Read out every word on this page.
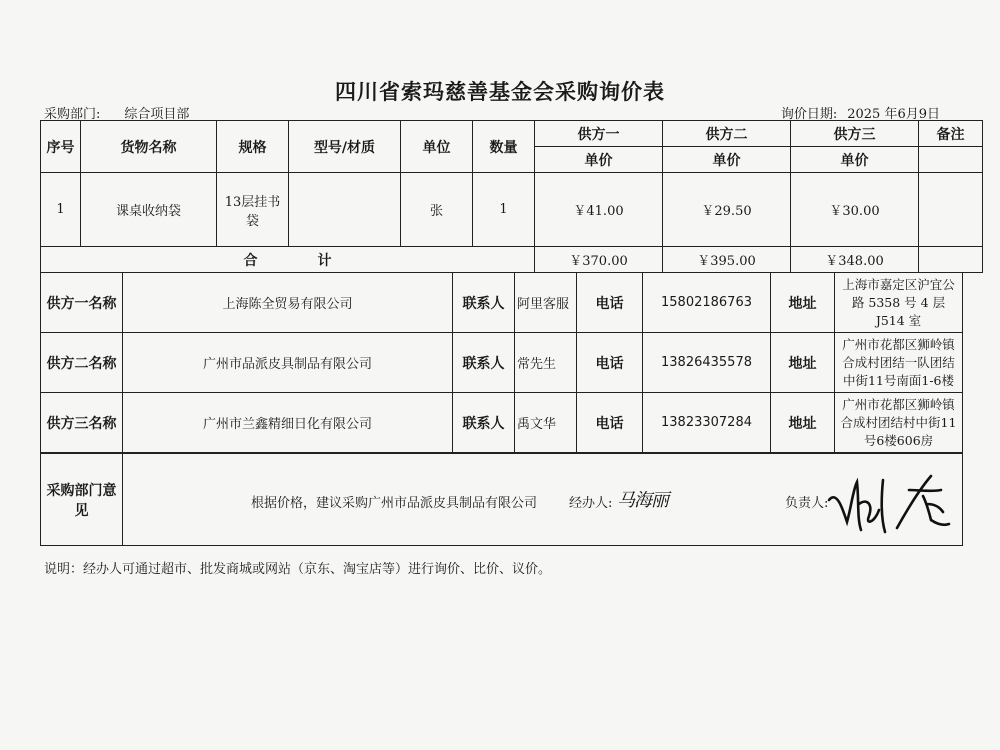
四川省索玛慈善基金会采购询价表
采购部门: 综合项目部	询价日期: 2025 年6月9日
序号	货物名称	规格	型号/材质	单位	数量	供方一	供方二	供方三	备注
						单价	单价	单价	
1	课桌收纳袋	13层挂书袋		张	1	￥41.00	￥29.50	￥30.00	
合 计						￥370.00	￥395.00	￥348.00	
供方一名称	上海陈全贸易有限公司	联系人	阿里客服	电话	15802186763	地址	上海市嘉定区沪宜公
路 5358 号 4 层
J514 室

供方二名称	广州市品派皮具制品有限公司	联系人	常先生	电话	13826435578	地址	广州市花都区狮岭镇
合成村团结一队团结
中街11号南面1-6楼

供方三名称	广州市兰鑫精细日化有限公司	联系人	禹文华	电话	13823307284	地址	广州市花都区狮岭镇
合成村团结村中街11
号6楼606房
采购部门意
见	根据价格，建议采购广州市品派皮具制品有限公司 经办人: 马海丽	负责人:
说明：经办人可通过超市、批发商城或网站（京东、淘宝店等）进行询价、比价、议价。
